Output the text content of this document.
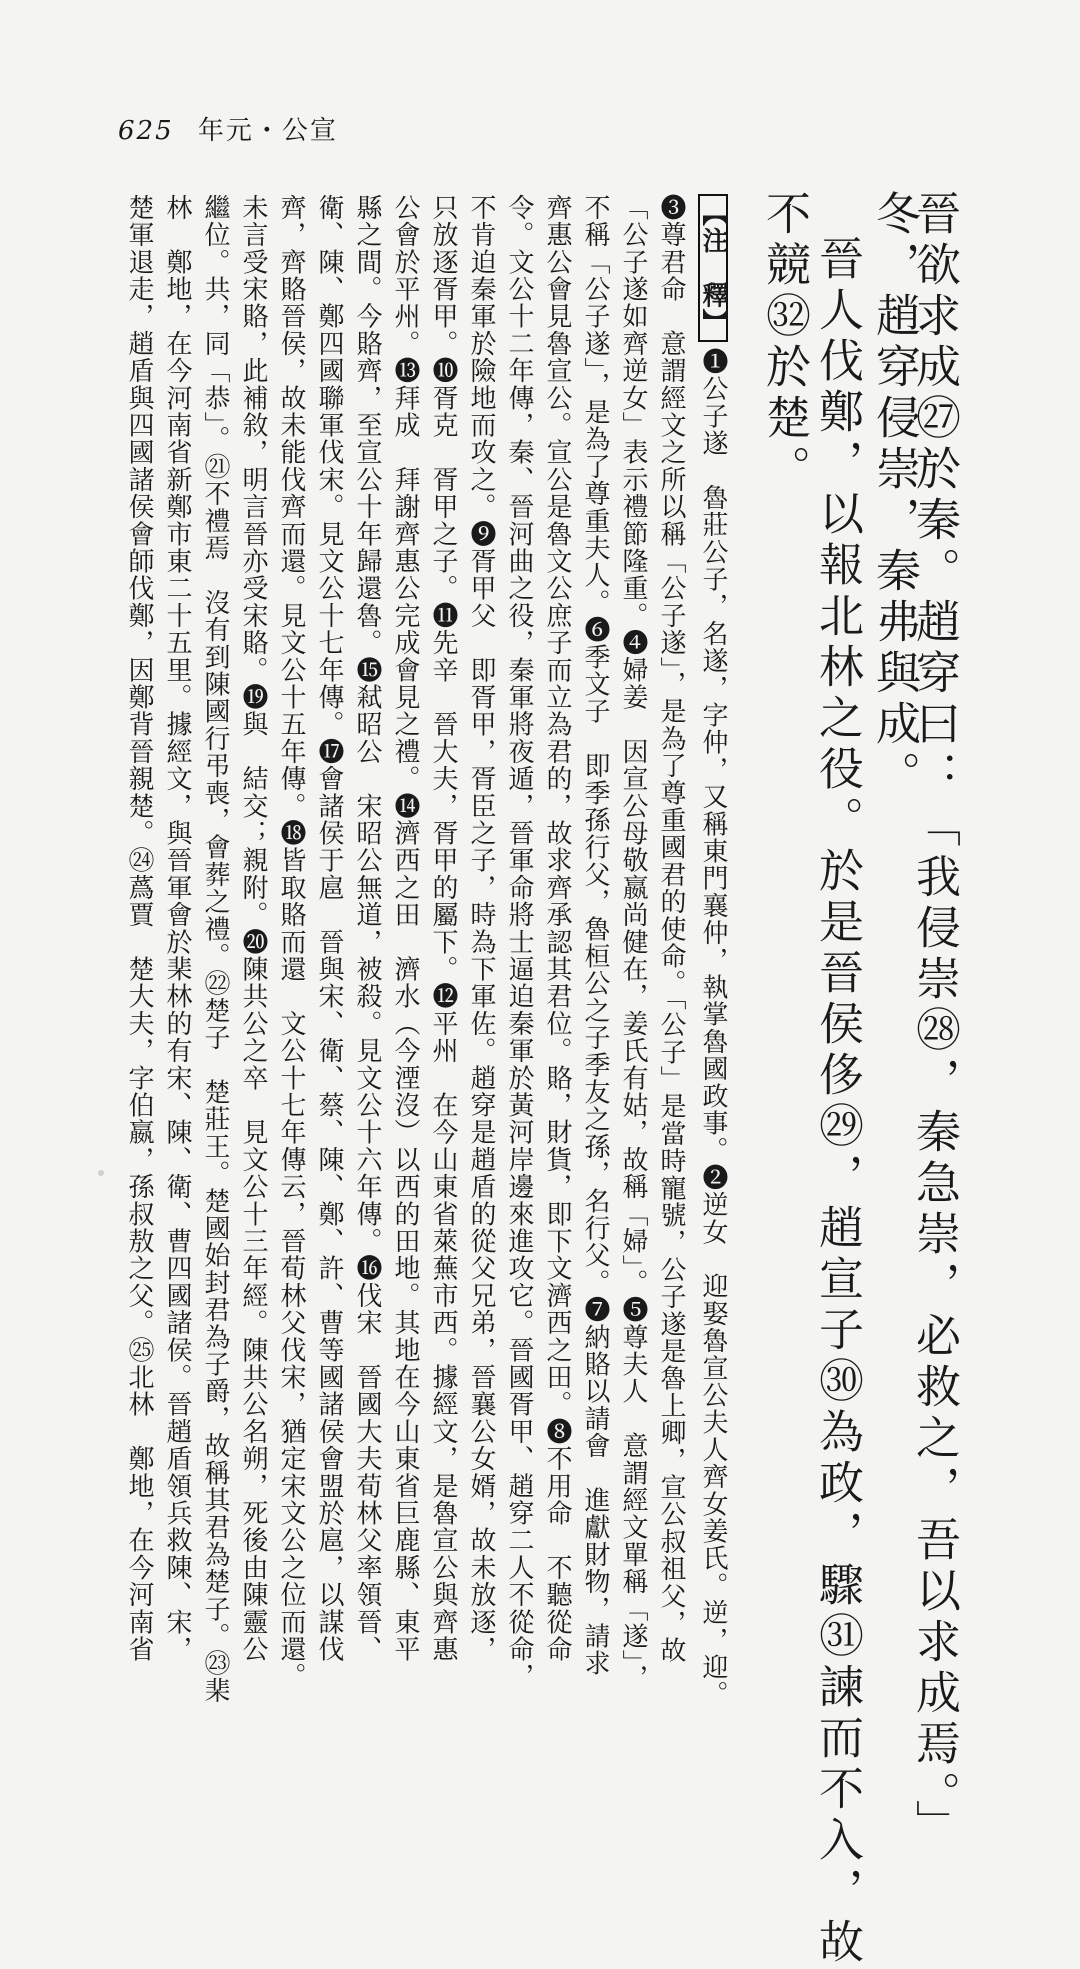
625 年元・公宣
晉欲求成㉗於秦。趙穿曰：「我侵崇㉘，秦急崇，必救之，吾以求成焉。」
冬，趙穿侵崇，秦弗與成。
晉人伐鄭，以報北林之役。於是晉侯侈㉙，趙宣子㉚為政，驟㉛諫而不入，故
不競㉜於楚。
【注　釋】❶公子遂　魯莊公子，名遂，字仲，又稱東門襄仲，執掌魯國政事。❷逆女　迎娶魯宣公夫人齊女姜氏。逆，迎。
❸尊君命　意謂經文之所以稱「公子遂」，是為了尊重國君的使命。「公子」是當時寵號，公子遂是魯上卿，宣公叔祖父，故
「公子遂如齊逆女」表示禮節隆重。❹婦姜　因宣公母敬嬴尚健在，姜氏有姑，故稱「婦」。❺尊夫人　意謂經文單稱「遂」，
不稱「公子遂」，是為了尊重夫人。❻季文子　即季孫行父，魯桓公之子季友之孫，名行父。❼納賂以請會　進獻財物，請求
齊惠公會見魯宣公。宣公是魯文公庶子而立為君的，故求齊承認其君位。賂，財貨，即下文濟西之田。❽不用命　不聽從命
令。文公十二年傳，秦、晉河曲之役，秦軍將夜遁，晉軍命將士逼迫秦軍於黃河岸邊來進攻它。晉國胥甲、趙穿二人不從命，
不肯迫秦軍於險地而攻之。❾胥甲父　即胥甲，胥臣之子，時為下軍佐。趙穿是趙盾的從父兄弟，晉襄公女婿，故未放逐，
只放逐胥甲。❿胥克　胥甲之子。⓫先辛　晉大夫，胥甲的屬下。⓬平州　在今山東省萊蕪市西。據經文，是魯宣公與齊惠
公會於平州。⓭拜成　拜謝齊惠公完成會見之禮。⓮濟西之田　濟水（今湮沒）以西的田地。其地在今山東省巨鹿縣、東平
縣之間。今賂齊，至宣公十年歸還魯。⓯弒昭公　宋昭公無道，被殺。見文公十六年傳。⓰伐宋　晉國大夫荀林父率領晉、
衛、陳、鄭四國聯軍伐宋。見文公十七年傳。⓱會諸侯于扈　晉與宋、衛、蔡、陳、鄭、許、曹等國諸侯會盟於扈，以謀伐
齊，齊賂晉侯，故未能伐齊而還。見文公十五年傳。⓲皆取賂而還　文公十七年傳云，晉荀林父伐宋，猶定宋文公之位而還。
未言受宋賂，此補敘，明言晉亦受宋賂。⓳與　結交；親附。⓴陳共公之卒　見文公十三年經。陳共公名朔，死後由陳靈公
繼位。共，同「恭」。㉑不禮焉　沒有到陳國行弔喪，會葬之禮。㉒楚子　楚莊王。楚國始封君為子爵，故稱其君為楚子。㉓棐
林　鄭地，在今河南省新鄭市東二十五里。據經文，與晉軍會於棐林的有宋、陳、衛、曹四國諸侯。晉趙盾領兵救陳、宋，
楚軍退走，趙盾與四國諸侯會師伐鄭，因鄭背晉親楚。㉔蔿賈　楚大夫，字伯嬴，孫叔敖之父。㉕北林　鄭地，在今河南省
